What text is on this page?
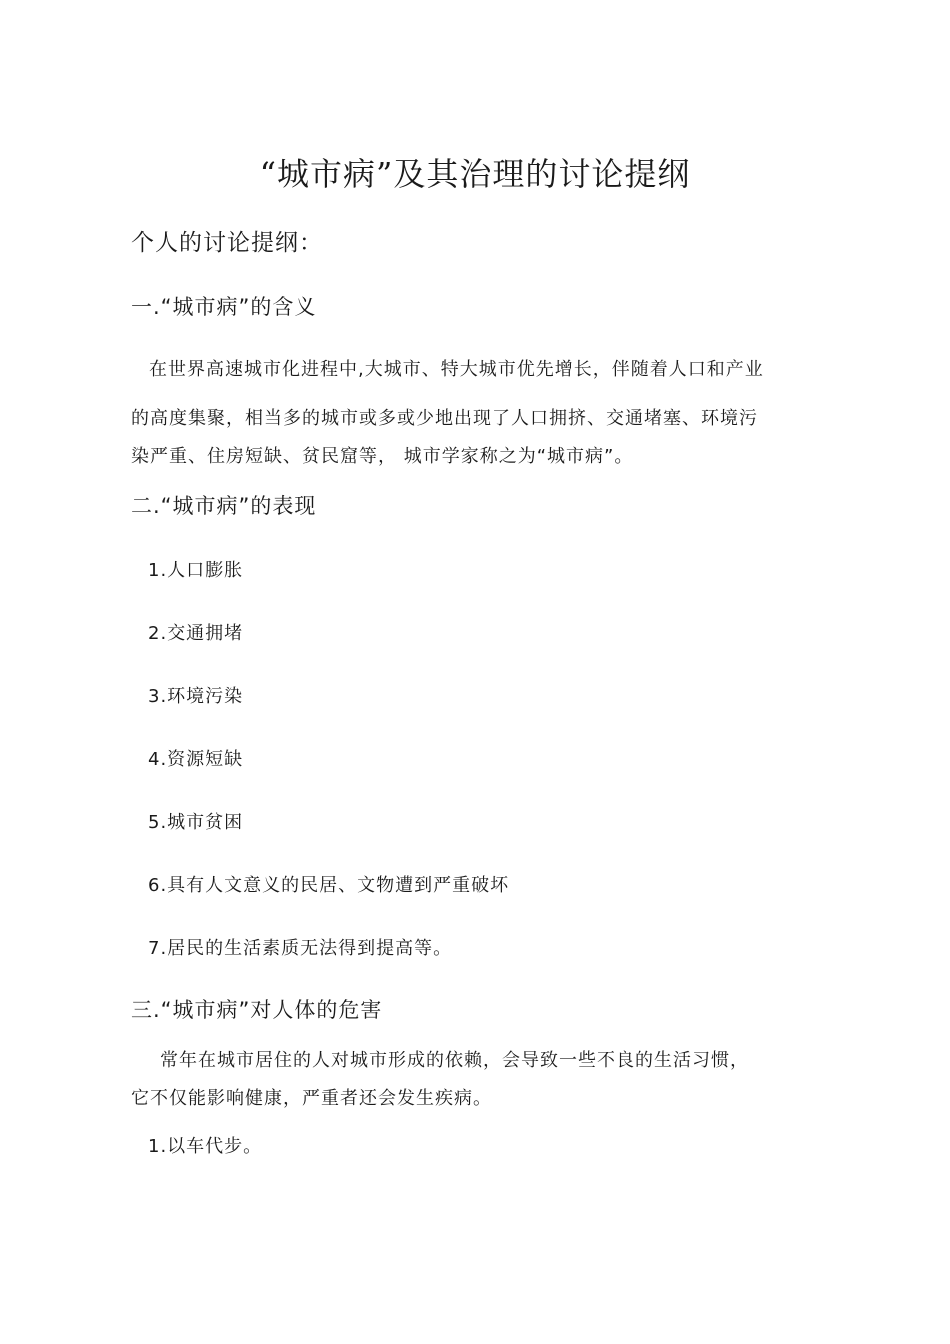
“城市病”及其治理的讨论提纲
个人的讨论提纲：
一.“城市病”的含义
在世界高速城市化进程中,大城市、特大城市优先增长，伴随着人口和产业
的高度集聚，相当多的城市或多或少地出现了人口拥挤、交通堵塞、环境污
染严重、住房短缺、贫民窟等， 城市学家称之为“城市病”。
二.“城市病”的表现
1.人口膨胀
2.交通拥堵
3.环境污染
4.资源短缺
5.城市贫困
6.具有人文意义的民居、文物遭到严重破坏
7.居民的生活素质无法得到提高等。
三.“城市病”对人体的危害
常年在城市居住的人对城市形成的依赖，会导致一些不良的生活习惯，
它不仅能影响健康，严重者还会发生疾病。
1.以车代步。
